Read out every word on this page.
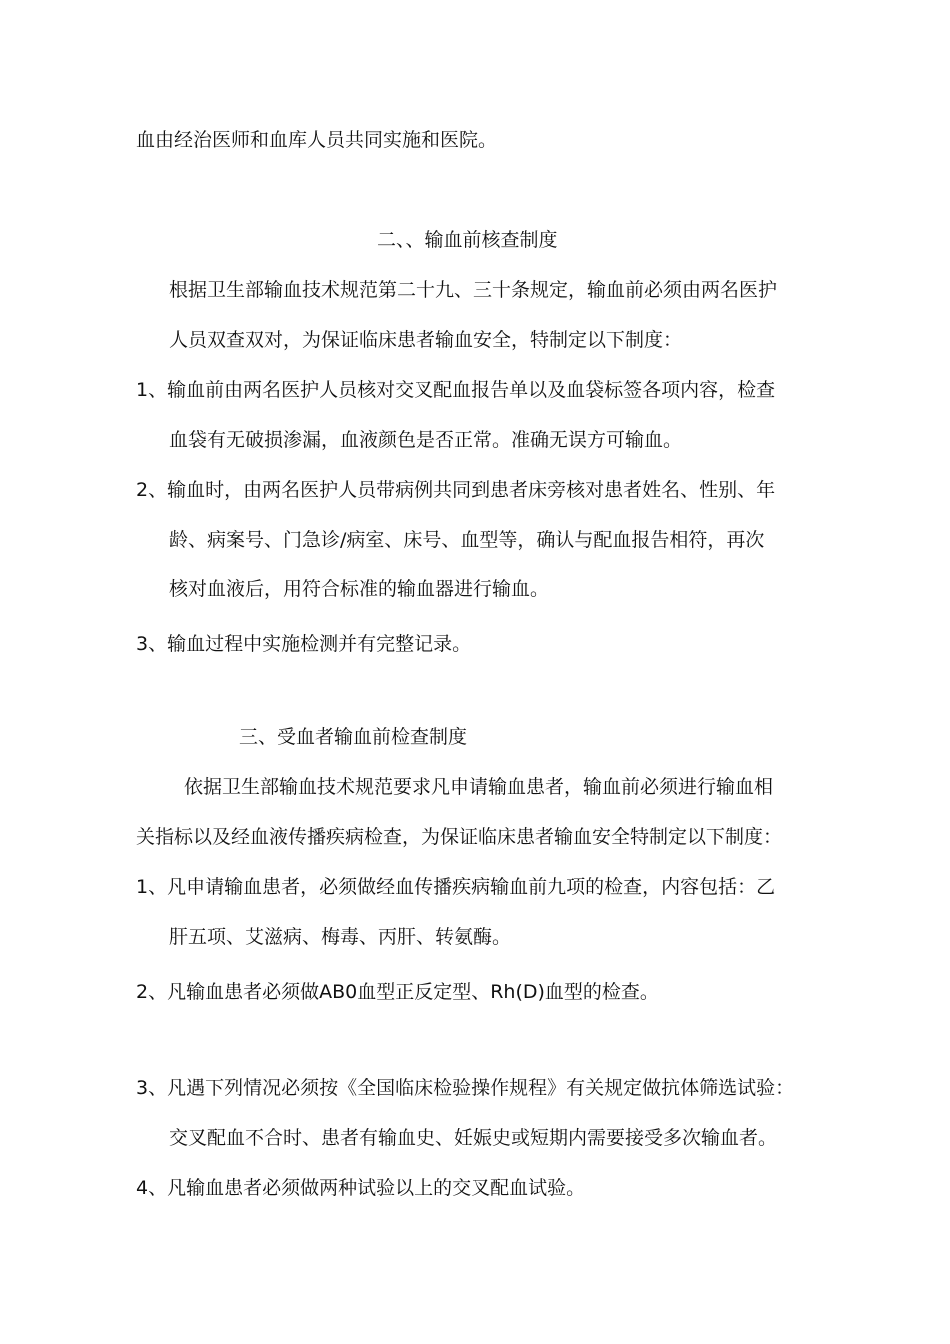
血由经治医师和血库人员共同实施和医院。
二、、输血前核查制度
根据卫生部输血技术规范第二十九、三十条规定，输血前必须由两名医护
人员双查双对，为保证临床患者输血安全，特制定以下制度：
1、输血前由两名医护人员核对交叉配血报告单以及血袋标签各项内容，检查
血袋有无破损渗漏，血液颜色是否正常。准确无误方可输血。
2、输血时，由两名医护人员带病例共同到患者床旁核对患者姓名、性别、年
龄、病案号、门急诊/病室、床号、血型等，确认与配血报告相符，再次
核对血液后，用符合标准的输血器进行输血。
3、输血过程中实施检测并有完整记录。
三、受血者输血前检查制度
依据卫生部输血技术规范要求凡申请输血患者，输血前必须进行输血相
关指标以及经血液传播疾病检查，为保证临床患者输血安全特制定以下制度：
1、凡申请输血患者，必须做经血传播疾病输血前九项的检查，内容包括：乙
肝五项、艾滋病、梅毒、丙肝、转氨酶。
2、凡输血患者必须做AB0血型正反定型、Rh(D)血型的检查。
3、凡遇下列情况必须按《全国临床检验操作规程》有关规定做抗体筛选试验：
交叉配血不合时、患者有输血史、妊娠史或短期内需要接受多次输血者。
4、凡输血患者必须做两种试验以上的交叉配血试验。
